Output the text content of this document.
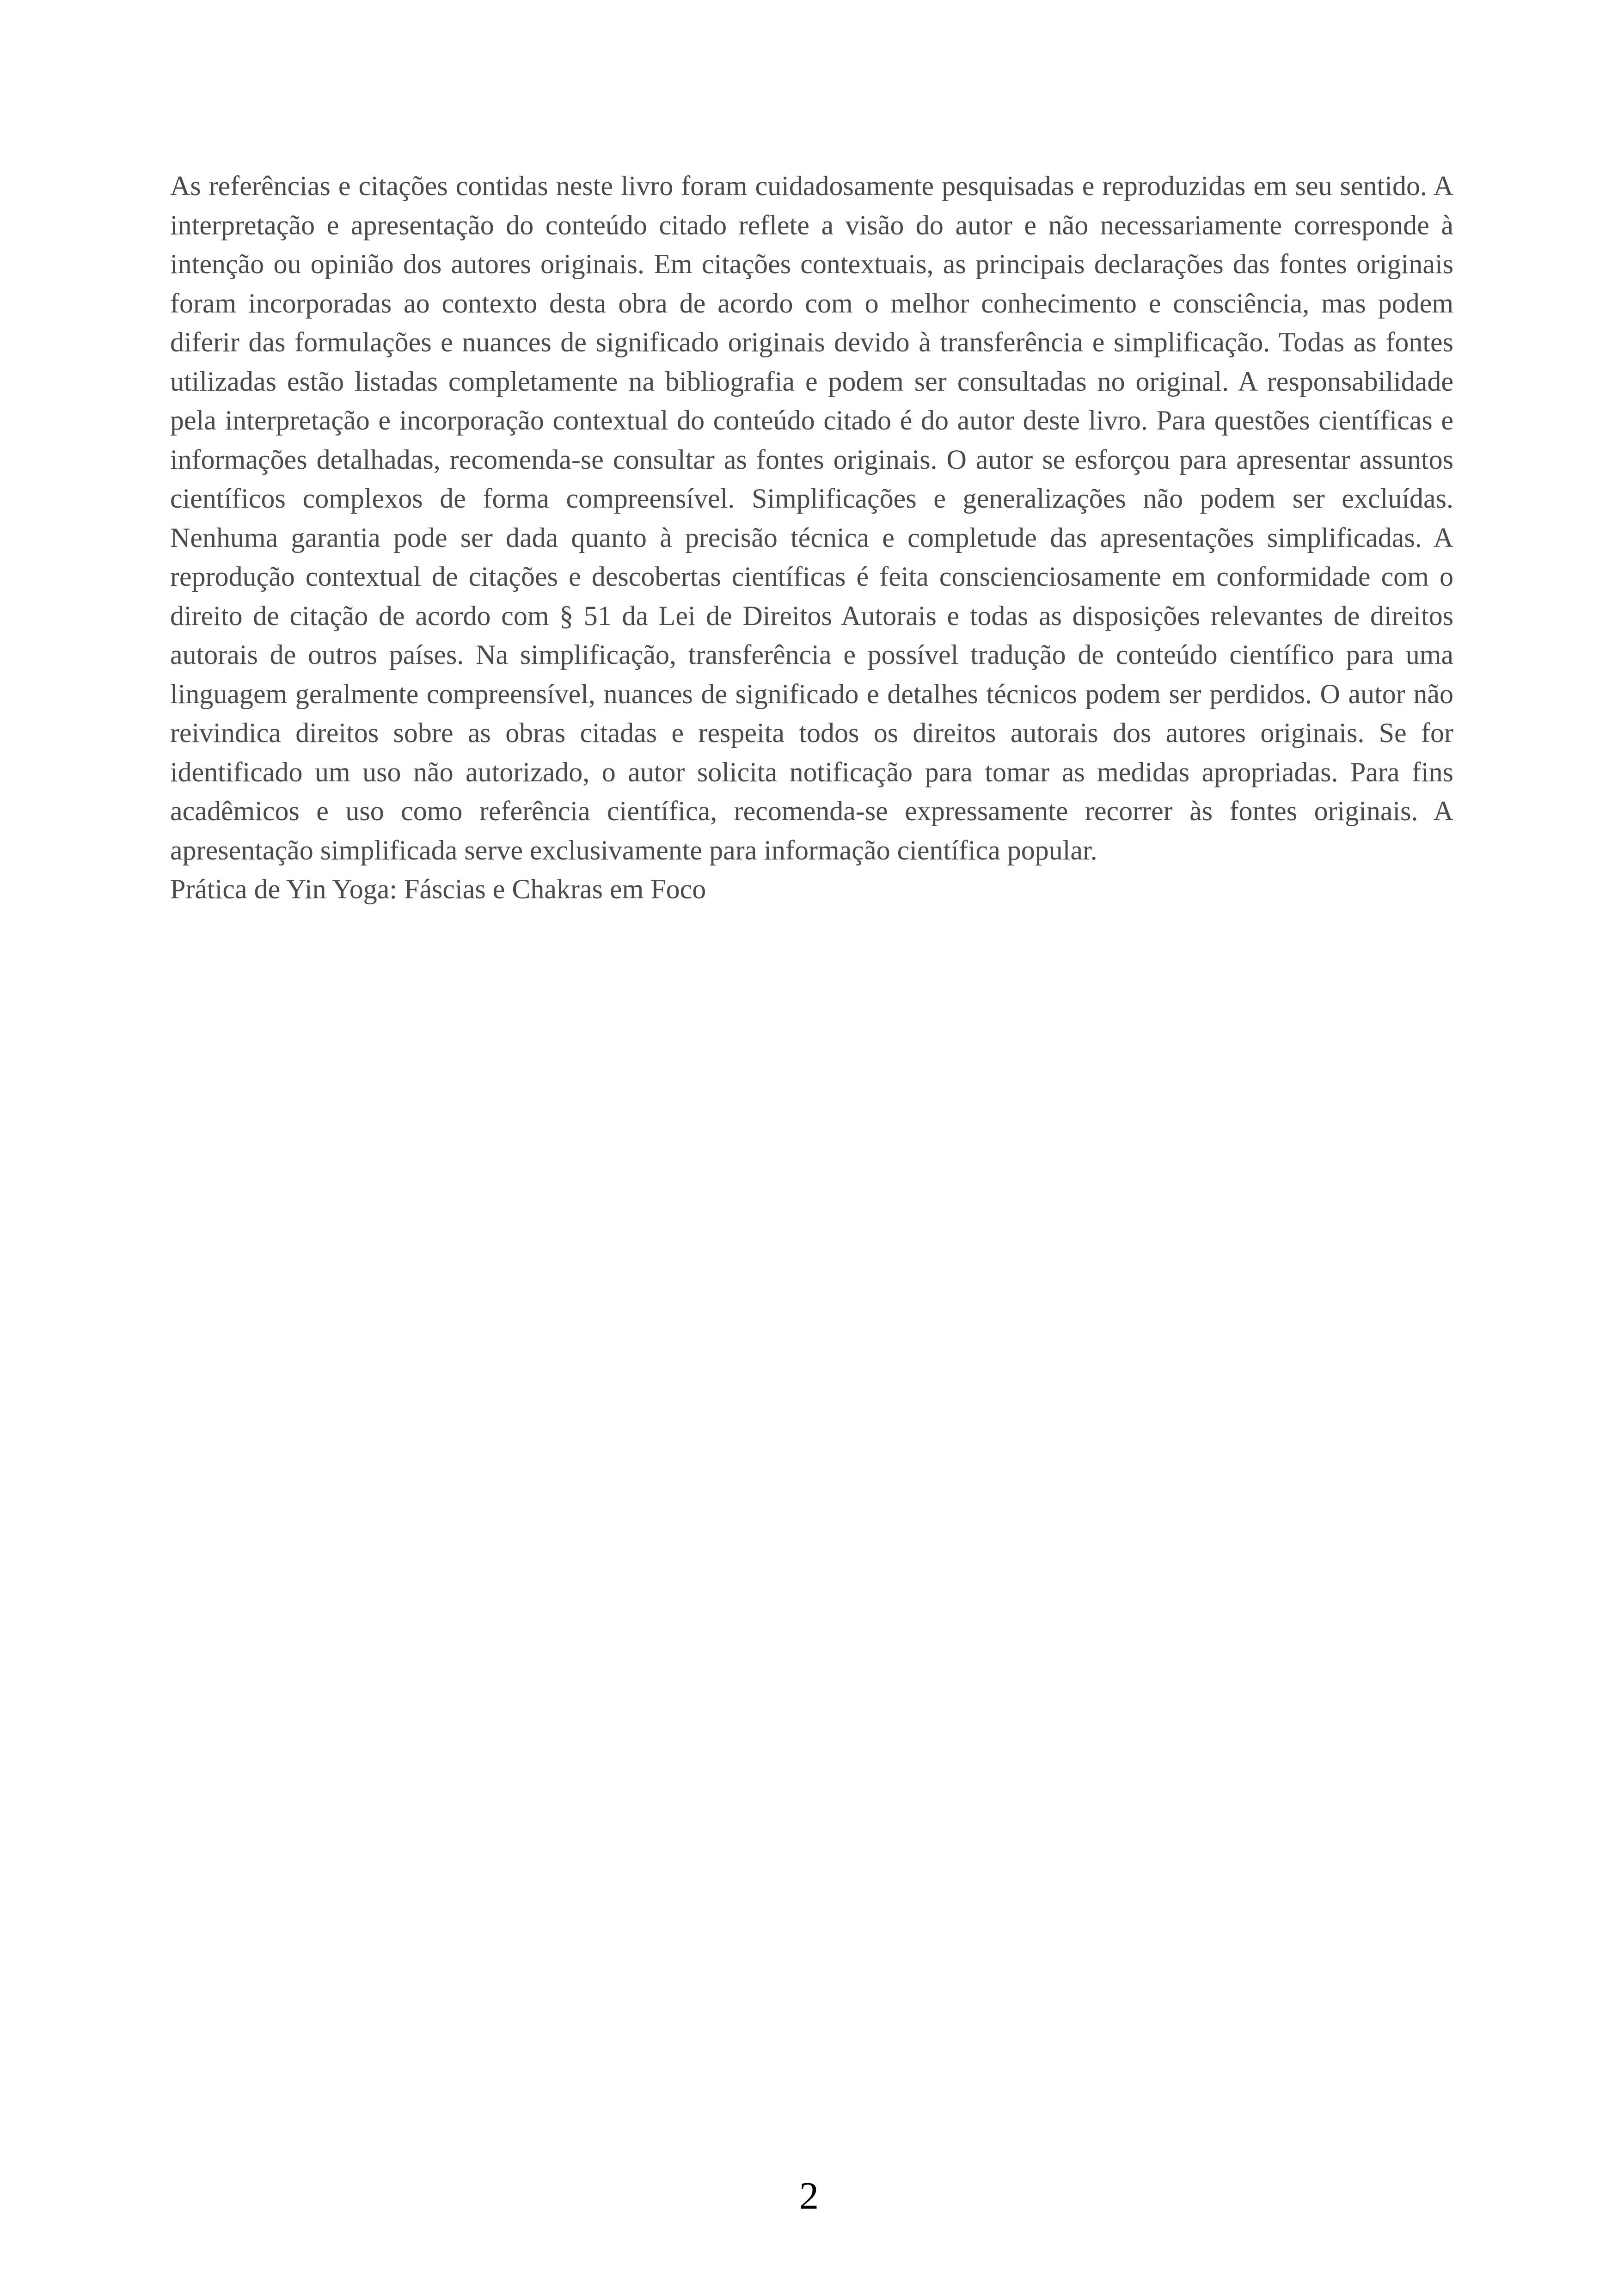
As referências e citações contidas neste livro foram cuidadosamente pesquisadas e reproduzidas em seu sentido. A interpretação e apresentação do conteúdo citado reflete a visão do autor e não necessariamente corresponde à intenção ou opinião dos autores originais. Em citações contextuais, as principais declarações das fontes originais foram incorporadas ao contexto desta obra de acordo com o melhor conhecimento e consciência, mas podem diferir das formulações e nuances de significado originais devido à transferência e simplificação. Todas as fontes utilizadas estão listadas completamente na bibliografia e podem ser consultadas no original. A responsabilidade pela interpretação e incorporação contextual do conteúdo citado é do autor deste livro. Para questões científicas e informações detalhadas, recomenda-se consultar as fontes originais. O autor se esforçou para apresentar assuntos científicos complexos de forma compreensível. Simplificações e generalizações não podem ser excluídas. Nenhuma garantia pode ser dada quanto à precisão técnica e completude das apresentações simplificadas. A reprodução contextual de citações e descobertas científicas é feita conscienciosamente em conformidade com o direito de citação de acordo com § 51 da Lei de Direitos Autorais e todas as disposições relevantes de direitos autorais de outros países. Na simplificação, transferência e possível tradução de conteúdo científico para uma linguagem geralmente compreensível, nuances de significado e detalhes técnicos podem ser perdidos. O autor não reivindica direitos sobre as obras citadas e respeita todos os direitos autorais dos autores originais. Se for identificado um uso não autorizado, o autor solicita notificação para tomar as medidas apropriadas. Para fins acadêmicos e uso como referência científica, recomenda-se expressamente recorrer às fontes originais. A apresentação simplificada serve exclusivamente para informação científica popular.

Prática de Yin Yoga: Fáscias e Chakras em Foco

2
